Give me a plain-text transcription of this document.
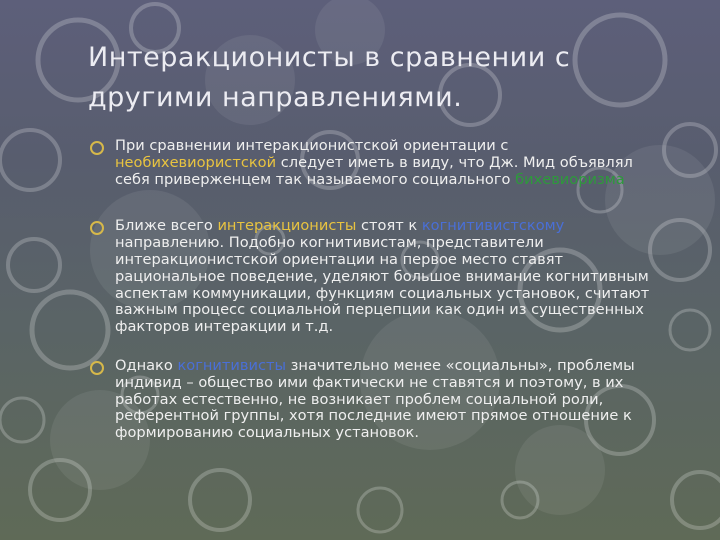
Интеракционисты в сравнении с
другими направлениями.
При сравнении интеракционистской ориентации с необихевиористской следует иметь в виду, что Дж. Мид объявлял себя приверженцем так называемого социального бихевиоризма
Ближе всего интеракционисты стоят к когнитивистскому направлению. Подобно когнитивистам, представители интеракционистской ориентации на первое место ставят рациональное поведение, уделяют большое внимание когнитивным аспектам коммуникации, функциям социальных установок, считают важным процесс социальной перцепции как один из существенных факторов интеракции и т.д.
Однако когнитивисты значительно менее «социальны», проблемы индивид – общество ими фактически не ставятся и поэтому, в их работах естественно, не возникает проблем социальной роли, референтной группы, хотя последние имеют прямое отношение к формированию социальных установок.
